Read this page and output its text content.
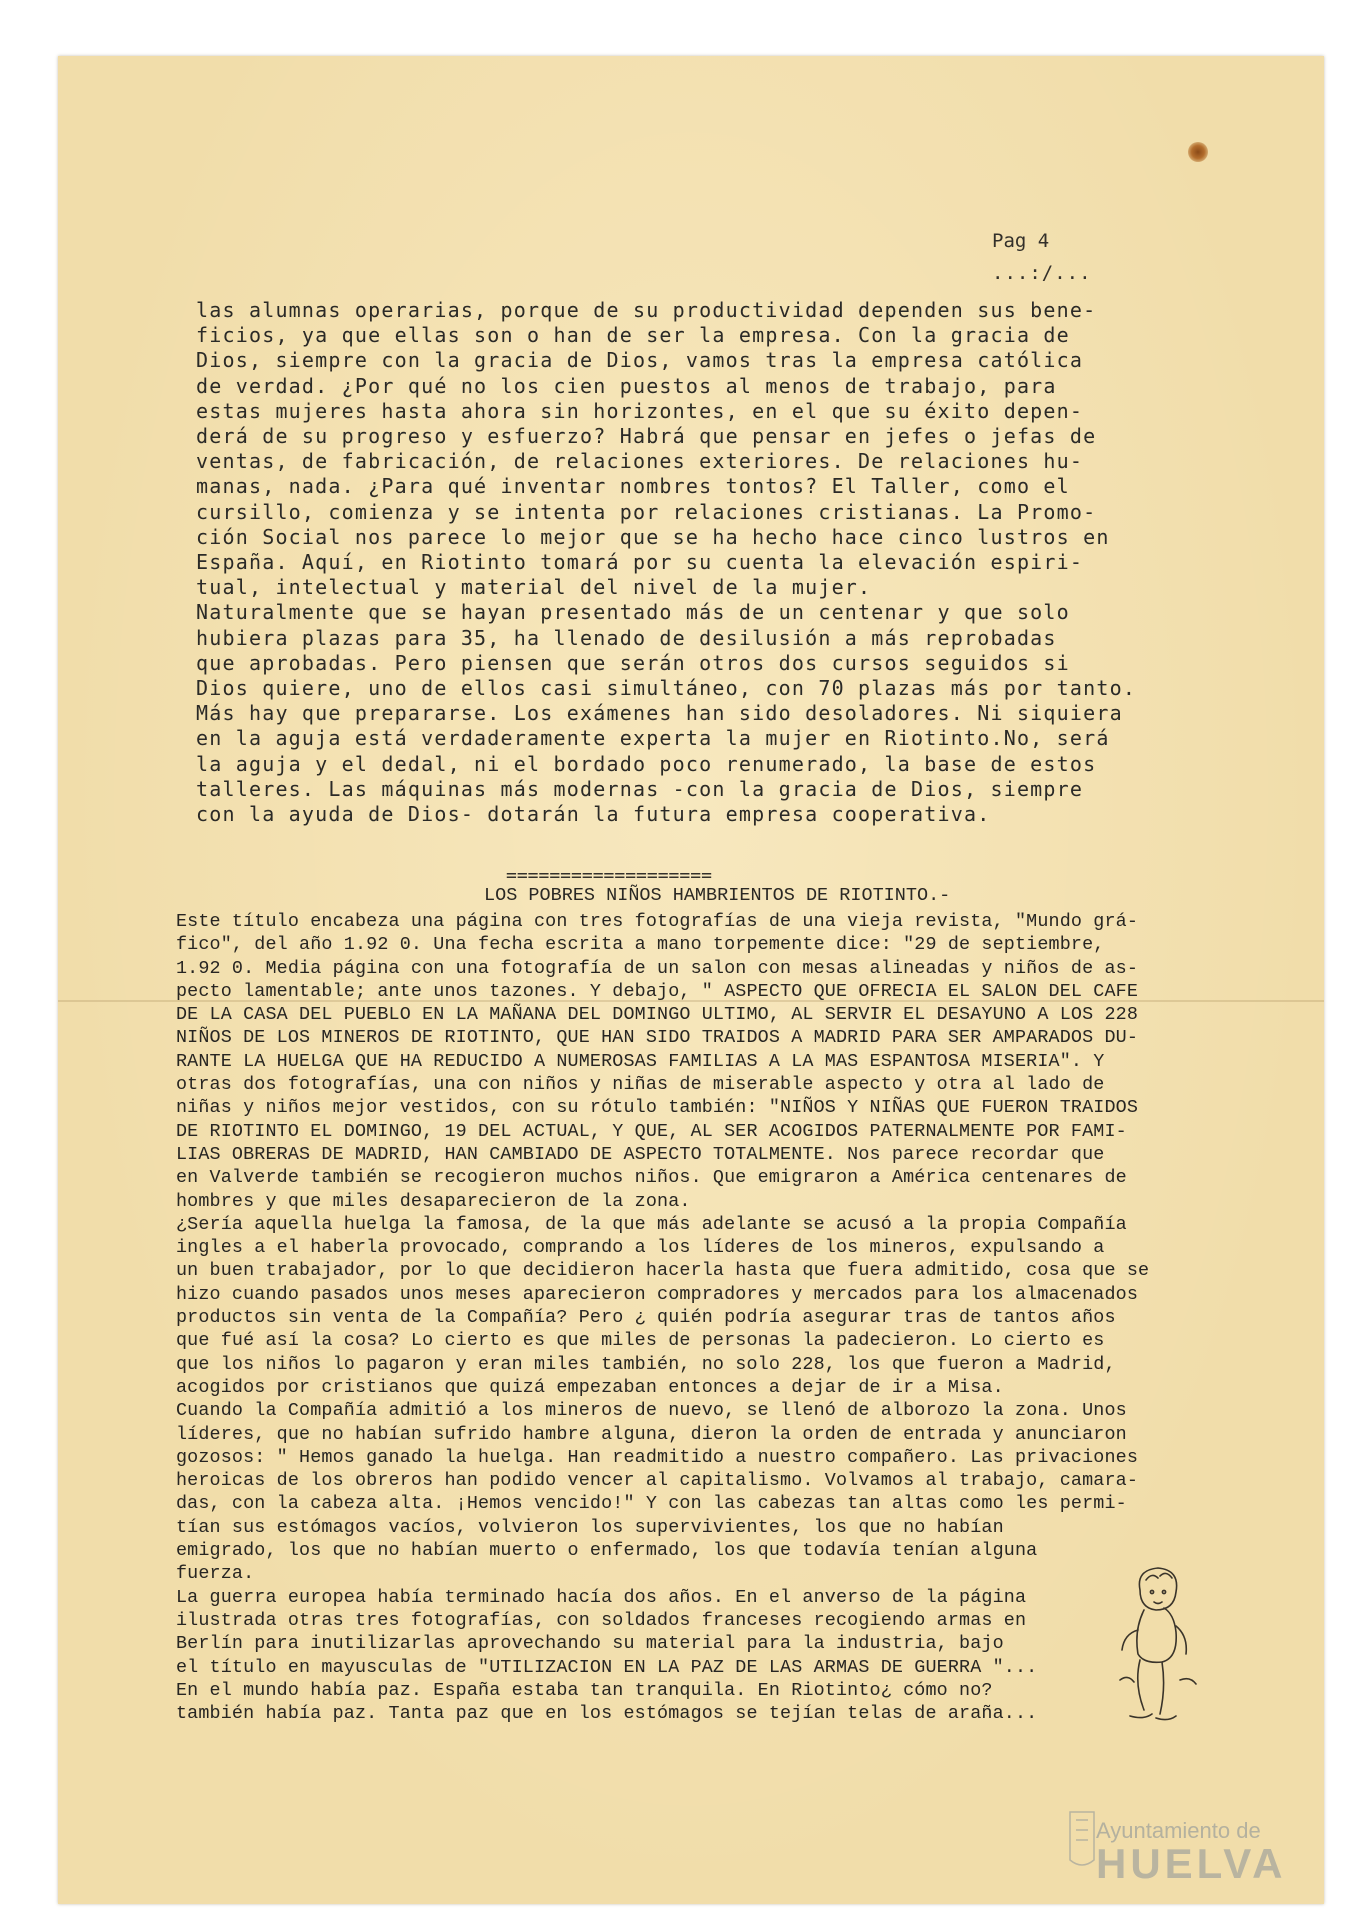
Pag 4
...:/...
las alumnas operarias, porque de su productividad dependen sus bene-
ficios, ya que ellas son o han de ser la empresa. Con la gracia de
Dios, siempre con la gracia de Dios, vamos tras la empresa católica
de verdad. ¿Por qué no los cien puestos al menos de trabajo, para
estas mujeres hasta ahora sin horizontes, en el que su éxito depen-
derá de su progreso y esfuerzo? Habrá que pensar en jefes o jefas de
ventas, de fabricación, de relaciones exteriores. De relaciones hu-
manas, nada. ¿Para qué inventar nombres tontos? El Taller, como el
cursillo, comienza y se intenta por relaciones cristianas. La Promo-
ción Social nos parece lo mejor que se ha hecho hace cinco lustros en
España. Aquí, en Riotinto tomará por su cuenta la elevación espiri-
tual, intelectual y material del nivel de la mujer.
Naturalmente que se hayan presentado más de un centenar y que solo
hubiera plazas para 35, ha llenado de desilusión a más reprobadas
que aprobadas. Pero piensen que serán otros dos cursos seguidos si
Dios quiere, uno de ellos casi simultáneo, con 70 plazas más por tanto.
Más hay que prepararse. Los exámenes han sido desoladores. Ni siquiera
en la aguja está verdaderamente experta la mujer en Riotinto.No, será
la aguja y el dedal, ni el bordado poco renumerado, la base de estos
talleres. Las máquinas más modernas -con la gracia de Dios, siempre
con la ayuda de Dios- dotarán la futura empresa cooperativa.
===================
LOS POBRES NIÑOS HAMBRIENTOS DE RIOTINTO.-
Este título encabeza una página con tres fotografías de una vieja revista, "Mundo grá-
fico", del año 1.92 0. Una fecha escrita a mano torpemente dice: "29 de septiembre,
1.92 0. Media página con una fotografía de un salon con mesas alineadas y niños de as-
pecto lamentable; ante unos tazones. Y debajo, " ASPECTO QUE OFRECIA EL SALON DEL CAFE
DE LA CASA DEL PUEBLO EN LA MAÑANA DEL DOMINGO ULTIMO, AL SERVIR EL DESAYUNO A LOS 228
NIÑOS DE LOS MINEROS DE RIOTINTO, QUE HAN SIDO TRAIDOS A MADRID PARA SER AMPARADOS DU-
RANTE LA HUELGA QUE HA REDUCIDO A NUMEROSAS FAMILIAS A LA MAS ESPANTOSA MISERIA". Y
otras dos fotografías, una con niños y niñas de miserable aspecto y otra al lado de
niñas y niños mejor vestidos, con su rótulo también: "NIÑOS Y NIÑAS QUE FUERON TRAIDOS
DE RIOTINTO EL DOMINGO, 19 DEL ACTUAL, Y QUE, AL SER ACOGIDOS PATERNALMENTE POR FAMI-
LIAS OBRERAS DE MADRID, HAN CAMBIADO DE ASPECTO TOTALMENTE. Nos parece recordar que
en Valverde también se recogieron muchos niños. Que emigraron a América centenares de
hombres y que miles desaparecieron de la zona.
¿Sería aquella huelga la famosa, de la que más adelante se acusó a la propia Compañía
ingles a el haberla provocado, comprando a los líderes de los mineros, expulsando a
un buen trabajador, por lo que decidieron hacerla hasta que fuera admitido, cosa que se
hizo cuando pasados unos meses aparecieron compradores y mercados para los almacenados
productos sin venta de la Compañía? Pero ¿ quién podría asegurar tras de tantos años
que fué así la cosa? Lo cierto es que miles de personas la padecieron. Lo cierto es
que los niños lo pagaron y eran miles también, no solo 228, los que fueron a Madrid,
acogidos por cristianos que quizá empezaban entonces a dejar de ir a Misa.
Cuando la Compañía admitió a los mineros de nuevo, se llenó de alborozo la zona. Unos
líderes, que no habían sufrido hambre alguna, dieron la orden de entrada y anunciaron
gozosos: " Hemos ganado la huelga. Han readmitido a nuestro compañero. Las privaciones
heroicas de los obreros han podido vencer al capitalismo. Volvamos al trabajo, camara-
das, con la cabeza alta. ¡Hemos vencido!" Y con las cabezas tan altas como les permi-
tían sus estómagos vacíos, volvieron los supervivientes, los que no habían
emigrado, los que no habían muerto o enfermado, los que todavía tenían alguna
fuerza.
La guerra europea había terminado hacía dos años. En el anverso de la página
ilustrada otras tres fotografías, con soldados franceses recogiendo armas en
Berlín para inutilizarlas aprovechando su material para la industria, bajo
el título en mayusculas de "UTILIZACION EN LA PAZ DE LAS ARMAS DE GUERRA "...
En el mundo había paz. España estaba tan tranquila. En Riotinto¿ cómo no?
también había paz. Tanta paz que en los estómagos se tejían telas de araña...
Ayuntamiento de
HUELVA
